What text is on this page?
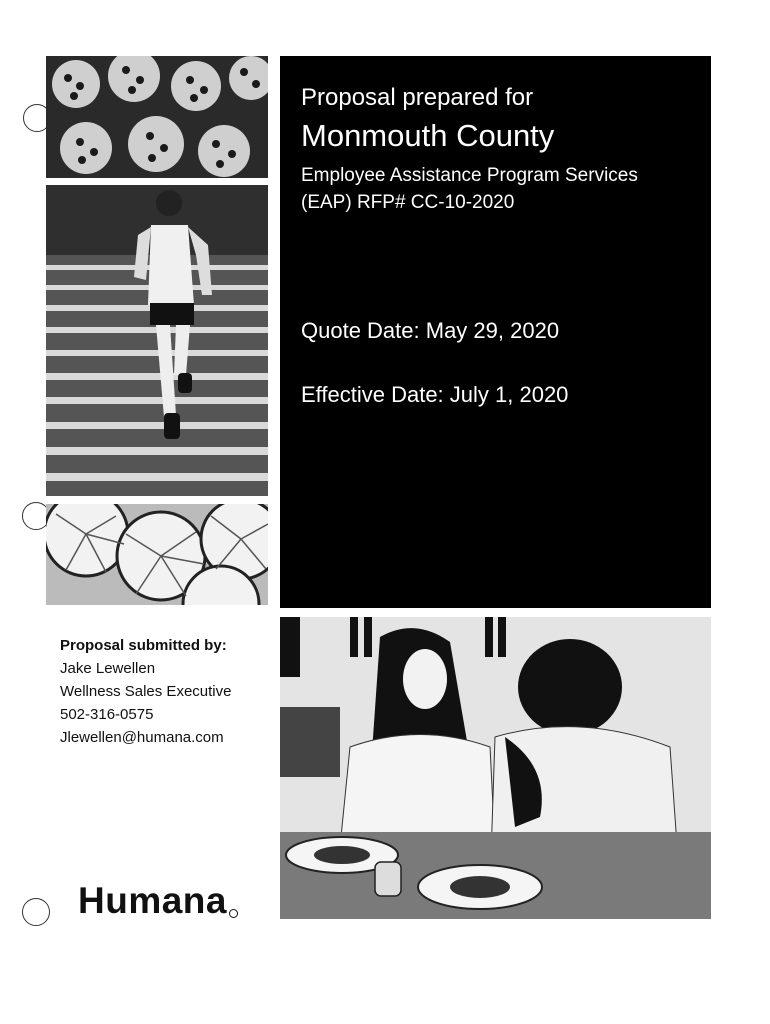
Proposal prepared for
Monmouth County
Employee Assistance Program Services
(EAP) RFP# CC-10-2020
Quote Date: May 29, 2020
Effective Date: July 1, 2020
Proposal submitted by:
Jake Lewellen
Wellness Sales Executive
502-316-0575
Jlewellen@humana.com
Humana
